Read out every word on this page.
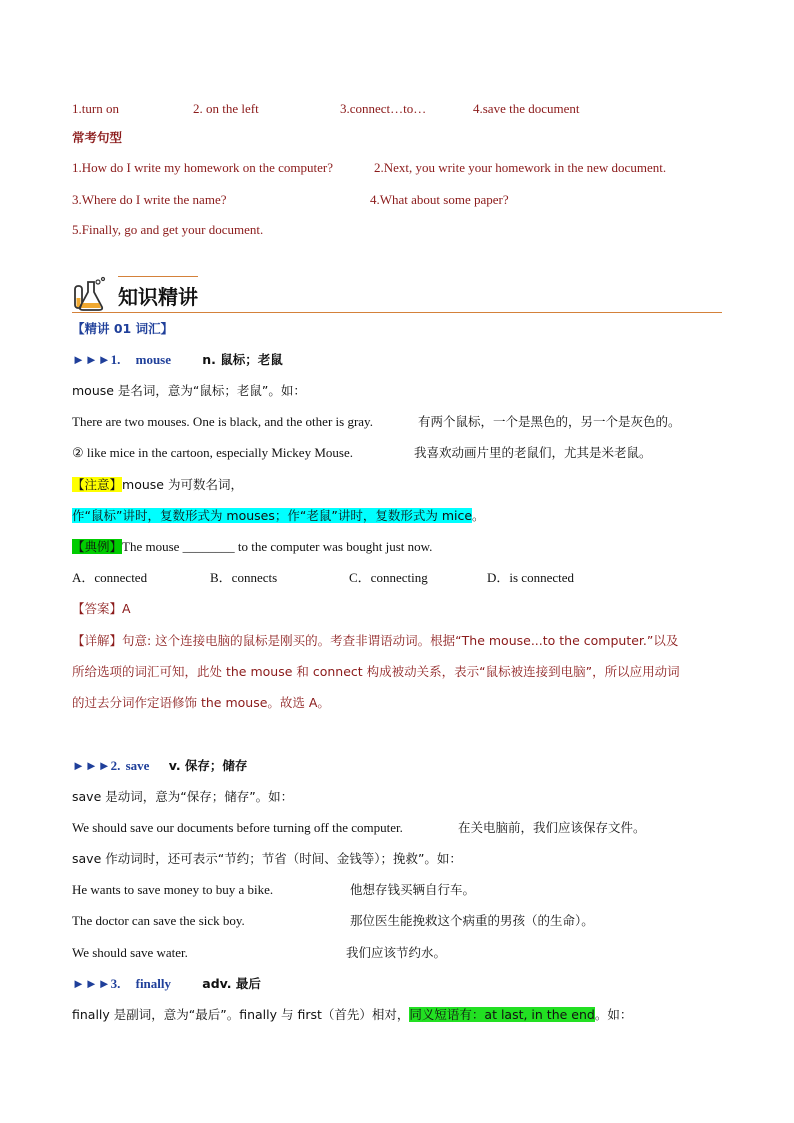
1.turn on	2. on the left	3.connect…to…	4.save the document
常考句型
1.How do I write my homework on the computer?	2.Next, you write your homework in the new document.
3.Where do I write the name?	4.What about some paper?
5.Finally, go and get your document.
知识精讲
【精讲 01 词汇】
►►►1. mouse	n. 鼠标；老鼠
mouse 是名词，意为“鼠标；老鼠”。如：
There are two mouses. One is black, and the other is gray.	有两个鼠标，一个是黑色的，另一个是灰色的。
② like mice in the cartoon, especially Mickey Mouse.	我喜欢动画片里的老鼠们，尤其是米老鼠。
【注意】mouse 为可数名词，
作“鼠标”讲时，复数形式为 mouses；作“老鼠”讲时，复数形式为 mice。
【典例】The mouse ________ to the computer was bought just now.
A．connected	B．connects	C．connecting	D．is connected
【答案】A
【详解】句意: 这个连接电脑的鼠标是刚买的。考查非谓语动词。根据“The mouse...to the computer.”以及
所给选项的词汇可知，此处 the mouse 和 connect 构成被动关系，表示“鼠标被连接到电脑”，所以应用动词
的过去分词作定语修饰 the mouse。故选 A。
►►►2. save v. 保存；储存
save 是动词，意为“保存；储存”。如：
We should save our documents before turning off the computer.	在关电脑前，我们应该保存文件。
save 作动词时，还可表示“节约；节省（时间、金钱等）；挽救”。如：
He wants to save money to buy a bike.	他想存钱买辆自行车。
The doctor can save the sick boy.	那位医生能挽救这个病重的男孩（的生命）。
We should save water.	我们应该节约水。
►►►3. finally	adv. 最后
finally 是副词，意为“最后”。finally 与 first（首先）相对，同义短语有：at last, in the end。如：
